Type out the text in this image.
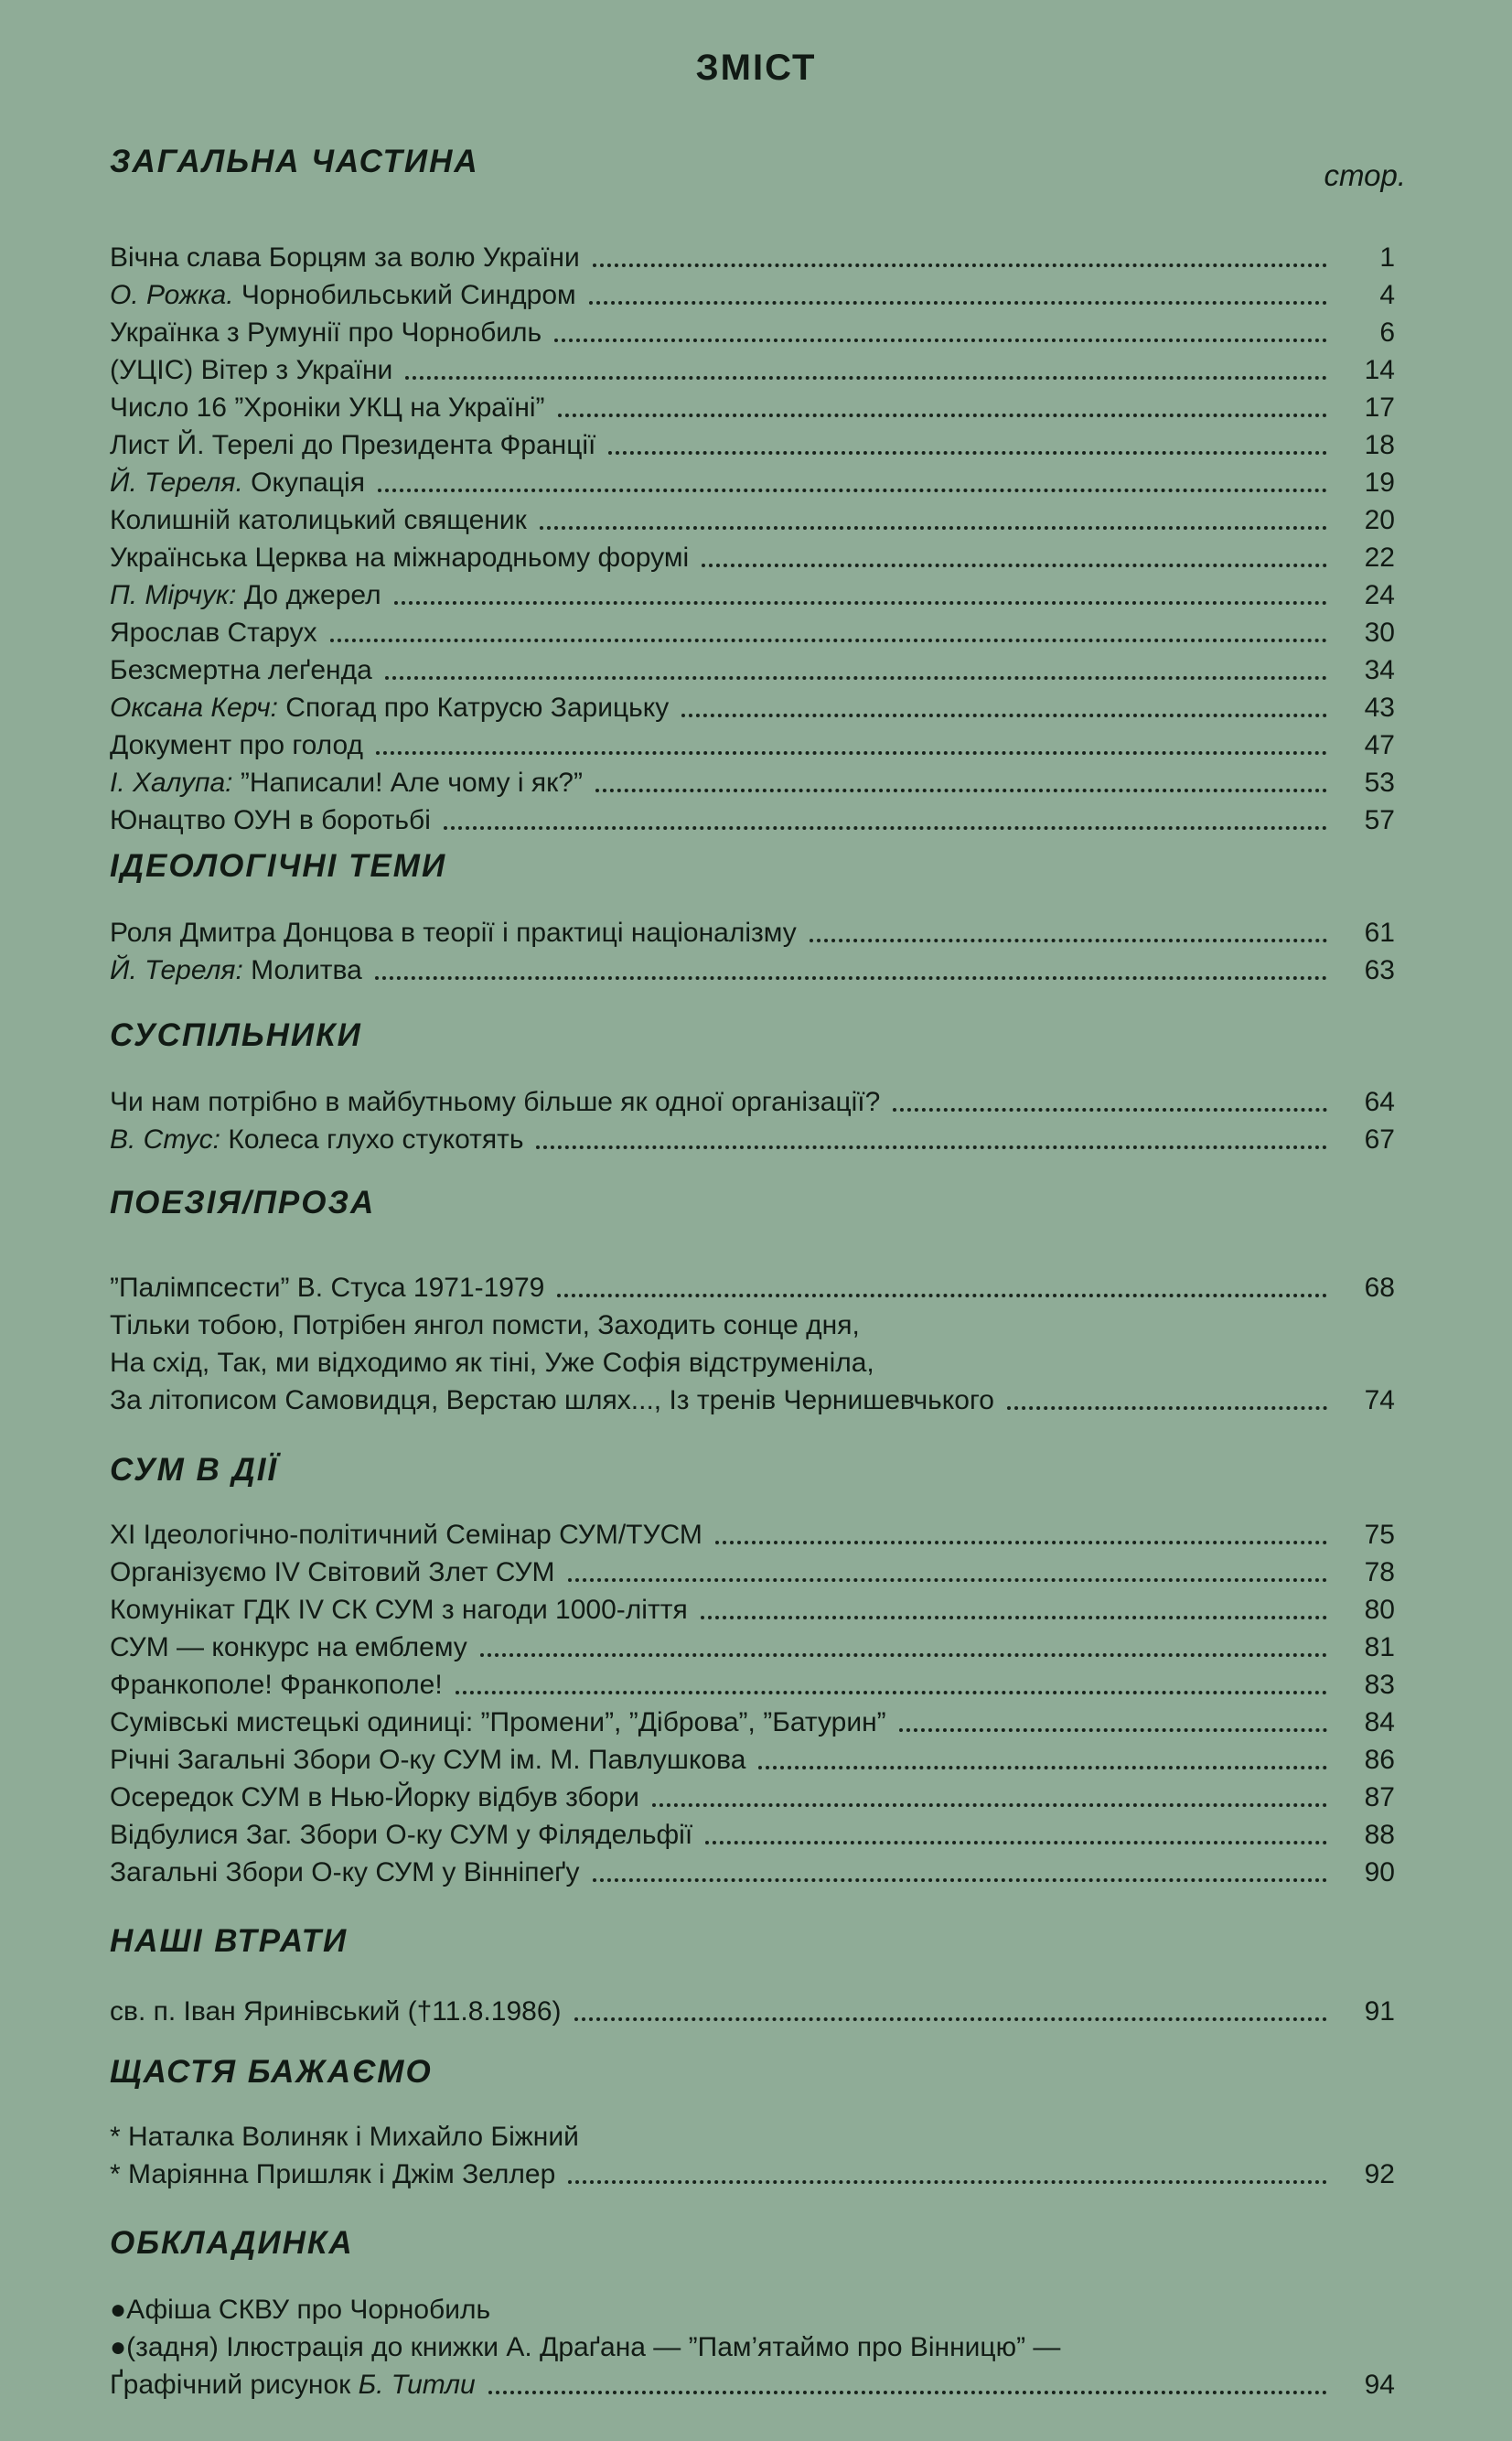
ЗМІСТ
ЗАГАЛЬНА ЧАСТИНА	стор.
Вічна слава Борцям за волю України	1
О. Рожка. Чорнобильський Синдром	4
Українка з Румунії про Чорнобиль	6
(УЦІС) Вітер з України	14
Число 16 ”Хроніки УКЦ на Україні”	17
Лист Й. Терелі до Президента Франції	18
Й. Тереля. Окупація	19
Колишній католицький священик	20
Українська Церква на міжнародньому форумі	22
П. Мірчук: До джерел	24
Ярослав Старух	30
Безсмертна леґенда	34
Оксана Керч: Спогад про Катрусю Зарицьку	43
Документ про голод	47
І. Халупа: ”Написали! Але чому і як?”	53
Юнацтво ОУН в боротьбі	57
ІДЕОЛОГІЧНІ ТЕМИ
Роля Дмитра Донцова в теорії і практиці націоналізму	61
Й. Тереля: Молитва	63
СУСПІЛЬНИКИ
Чи нам потрібно в майбутньому більше як одної організації?	64
В. Стус: Колеса глухо стукотять	67
ПОЕЗІЯ/ПРОЗА
”Палімпсести” В. Стуса 1971-1979	68
Тільки тобою, Потрібен янгол помсти, Заходить сонце дня,
На схід, Так, ми відходимо як тіні, Уже Софія відструменіла,
За літописом Самовидця, Верстаю шлях..., Із тренів Чернишевчького	74
СУМ В ДІЇ
ХІ Ідеологічно-політичний Семінар СУМ/ТУСМ	75
Організуємо IV Світовий Злет СУМ	78
Комунікат ГДК IV СК СУМ з нагоди 1000-ліття	80
СУМ — конкурс на емблему	81
Франкополе! Франкополе!	83
Сумівські мистецькі одиниці: ”Промени”, ”Діброва”, ”Батурин”	84
Річні Загальні Збори О-ку СУМ ім. М. Павлушкова	86
Осередок СУМ в Нью-Йорку відбув збори	87
Відбулися Заг. Збори О-ку СУМ у Філядельфії	88
Загальні Збори О-ку СУМ у Вінніпеґу	90
НАШІ ВТРАТИ
св. п. Іван Яринівський (†11.8.1986)	91
ЩАСТЯ БАЖАЄМО
* Наталка Волиняк і Михайло Біжний
* Маріянна Пришляк і Джім Зеллер	92
ОБКЛАДИНКА
●Афіша СКВУ про Чорнобиль
●(задня) Ілюстрація до книжки А. Драґана — ”Пам’ятаймо про Вінницю” —
Ґрафічний рисунок Б. Титли	94
